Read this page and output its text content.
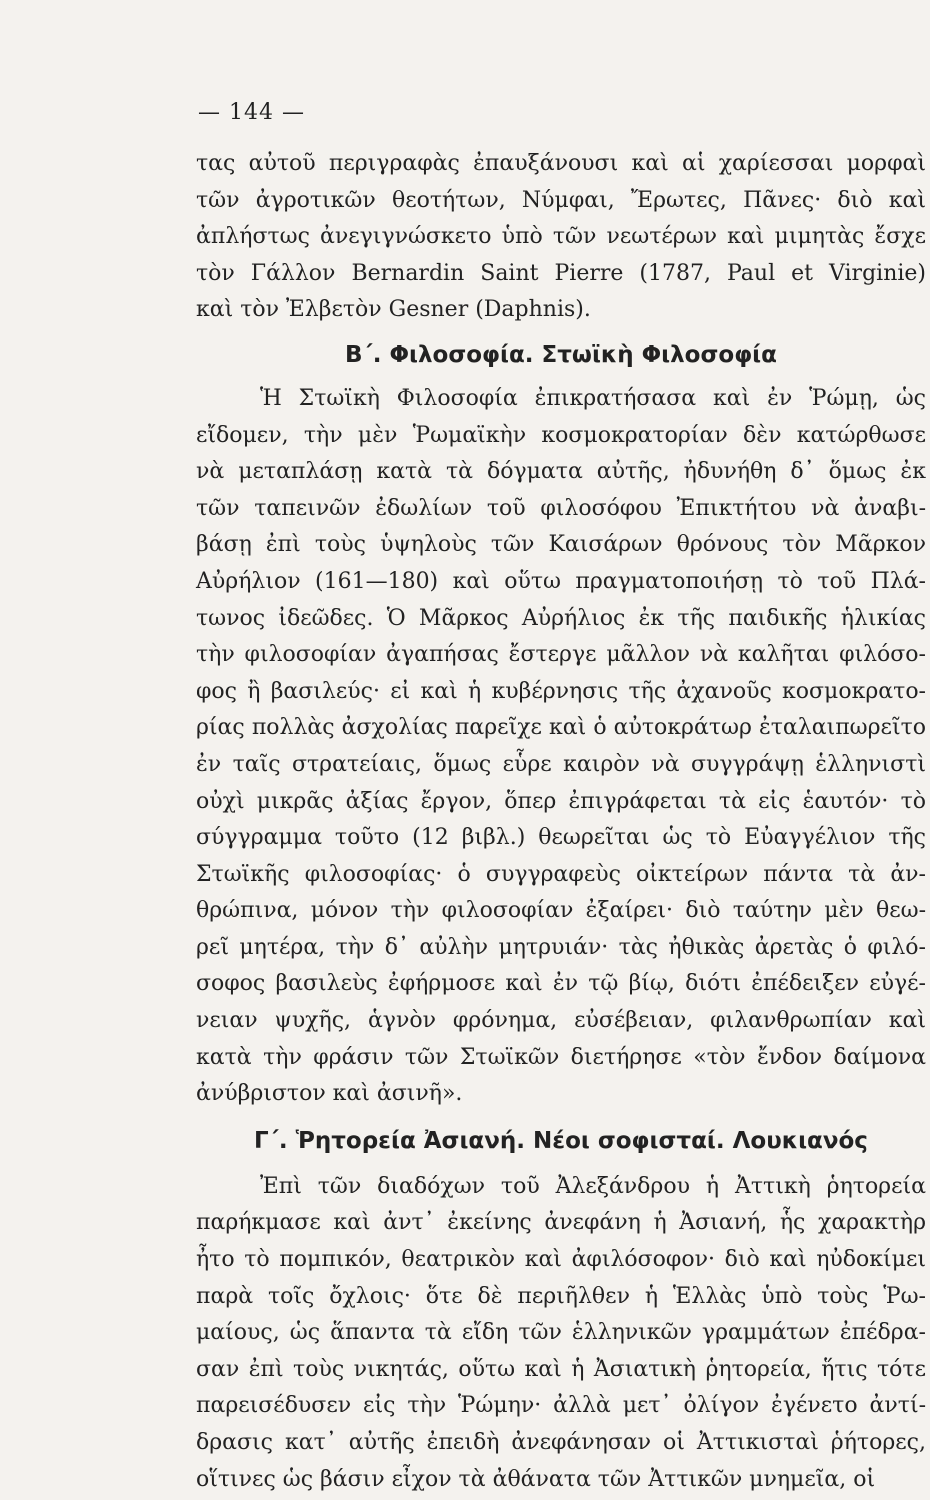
— 144 —
τας αὐτοῦ περιγραφὰς ἐπαυξάνουσι καὶ αἱ χαρίεσσαι μορφαὶ
τῶν ἀγροτικῶν θεοτήτων, Νύμφαι, Ἔρωτες, Πᾶνες· διὸ καὶ
ἀπλήστως ἀνεγιγνώσκετο ὑπὸ τῶν νεωτέρων καὶ μιμητὰς ἔσχε
τὸν Γάλλον Bernardin Saint Pierre (1787, Paul et Virginie)
καὶ τὸν Ἐλβετὸν Gesner (Daphnis).
Β΄. Φιλοσοφία. Στωϊκὴ Φιλοσοφία
Ἡ Στωϊκὴ Φιλοσοφία ἐπικρατήσασα καὶ ἐν Ῥώμῃ, ὡς
εἴδομεν, τὴν μὲν Ῥωμαϊκὴν κοσμοκρατορίαν δὲν κατώρθωσε
νὰ μεταπλάσῃ κατὰ τὰ δόγματα αὐτῆς, ἠδυνήθη δ᾽ ὅμως ἐκ
τῶν ταπεινῶν ἐδωλίων τοῦ φιλοσόφου Ἐπικτήτου νὰ ἀναβι-
βάσῃ ἐπὶ τοὺς ὑψηλοὺς τῶν Καισάρων θρόνους τὸν Μᾶρκον
Αὐρήλιον (161—180) καὶ οὕτω πραγματοποιήσῃ τὸ τοῦ Πλά-
τωνος ἰδεῶδες. Ὁ Μᾶρκος Αὐρήλιος ἐκ τῆς παιδικῆς ἡλικίας
τὴν φιλοσοφίαν ἀγαπήσας ἔστεργε μᾶλλον νὰ καλῆται φιλόσο-
φος ἢ βασιλεύς· εἰ καὶ ἡ κυβέρνησις τῆς ἀχανοῦς κοσμοκρατο-
ρίας πολλὰς ἀσχολίας παρεῖχε καὶ ὁ αὐτοκράτωρ ἐταλαιπωρεῖτο
ἐν ταῖς στρατείαις, ὅμως εὗρε καιρὸν νὰ συγγράψῃ ἑλληνιστὶ
οὐχὶ μικρᾶς ἀξίας ἔργον, ὅπερ ἐπιγράφεται τὰ εἰς ἑαυτόν· τὸ
σύγγραμμα τοῦτο (12 βιβλ.) θεωρεῖται ὡς τὸ Εὐαγγέλιον τῆς
Στωϊκῆς φιλοσοφίας· ὁ συγγραφεὺς οἰκτείρων πάντα τὰ ἀν-
θρώπινα, μόνον τὴν φιλοσοφίαν ἐξαίρει· διὸ ταύτην μὲν θεω-
ρεῖ μητέρα, τὴν δ᾽ αὐλὴν μητρυιάν· τὰς ἠθικὰς ἀρετὰς ὁ φιλό-
σοφος βασιλεὺς ἐφήρμοσε καὶ ἐν τῷ βίῳ, διότι ἐπέδειξεν εὐγέ-
νειαν ψυχῆς, ἁγνὸν φρόνημα, εὐσέβειαν, φιλανθρωπίαν καὶ
κατὰ τὴν φράσιν τῶν Στωϊκῶν διετήρησε «τὸν ἔνδον δαίμονα
ἀνύβριστον καὶ ἀσινῆ».
Γ΄. Ῥητορεία Ἀσιανή. Νέοι σοφισταί. Λουκιανός
Ἐπὶ τῶν διαδόχων τοῦ Ἀλεξάνδρου ἡ Ἀττικὴ ῥητορεία
παρήκμασε καὶ ἀντ᾽ ἐκείνης ἀνεφάνη ἡ Ἀσιανή, ἧς χαρακτὴρ
ἦτο τὸ πομπικόν, θεατρικὸν καὶ ἀφιλόσοφον· διὸ καὶ ηὐδοκίμει
παρὰ τοῖς ὄχλοις· ὅτε δὲ περιῆλθεν ἡ Ἑλλὰς ὑπὸ τοὺς Ῥω-
μαίους, ὡς ἅπαντα τὰ εἴδη τῶν ἑλληνικῶν γραμμάτων ἐπέδρα-
σαν ἐπὶ τοὺς νικητάς, οὕτω καὶ ἡ Ἀσιατικὴ ῥητορεία, ἥτις τότε
παρεισέδυσεν εἰς τὴν Ῥώμην· ἀλλὰ μετ᾽ ὀλίγον ἐγένετο ἀντί-
δρασις κατ᾽ αὐτῆς ἐπειδὴ ἀνεφάνησαν οἱ Ἀττικισταὶ ῥήτορες,
οἵτινες ὡς βάσιν εἶχον τὰ ἀθάνατα τῶν Ἀττικῶν μνημεῖα, οἱ
